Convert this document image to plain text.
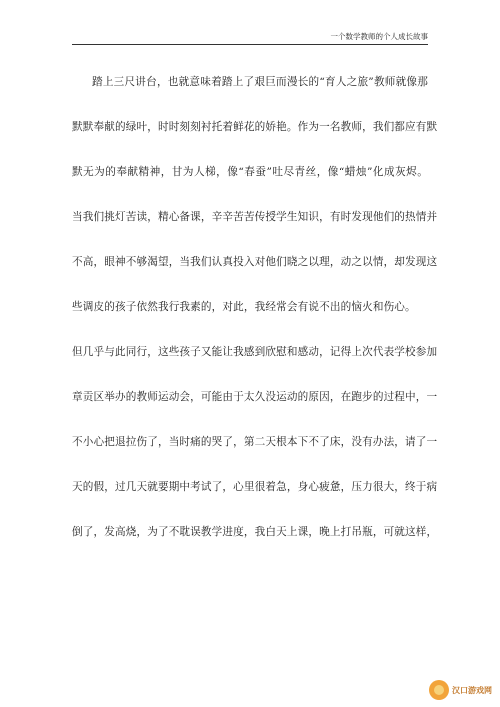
一个数学教师的个人成长故事
踏上三尺讲台，也就意味着踏上了艰巨而漫长的“育人之旅”教师就像那
默默奉献的绿叶，时时刻刻衬托着鲜花的娇艳。作为一名教师，我们都应有默
默无为的奉献精神，甘为人梯，像“春蚕”吐尽青丝，像“蜡烛”化成灰烬。
当我们挑灯苦读，精心备课，辛辛苦苦传授学生知识，有时发现他们的热情并
不高，眼神不够渴望，当我们认真投入对他们晓之以理，动之以情，却发现这
些调皮的孩子依然我行我素的，对此，我经常会有说不出的恼火和伤心。
但几乎与此同行，这些孩子又能让我感到欣慰和感动，记得上次代表学校参加
章贡区举办的教师运动会，可能由于太久没运动的原因，在跑步的过程中，一
不小心把退拉伤了，当时痛的哭了，第二天根本下不了床，没有办法，请了一
天的假，过几天就要期中考试了，心里很着急，身心疲惫，压力很大，终于病
倒了，发高烧，为了不耽误教学进度，我白天上课，晚上打吊瓶，可就这样，
汉口游戏网
